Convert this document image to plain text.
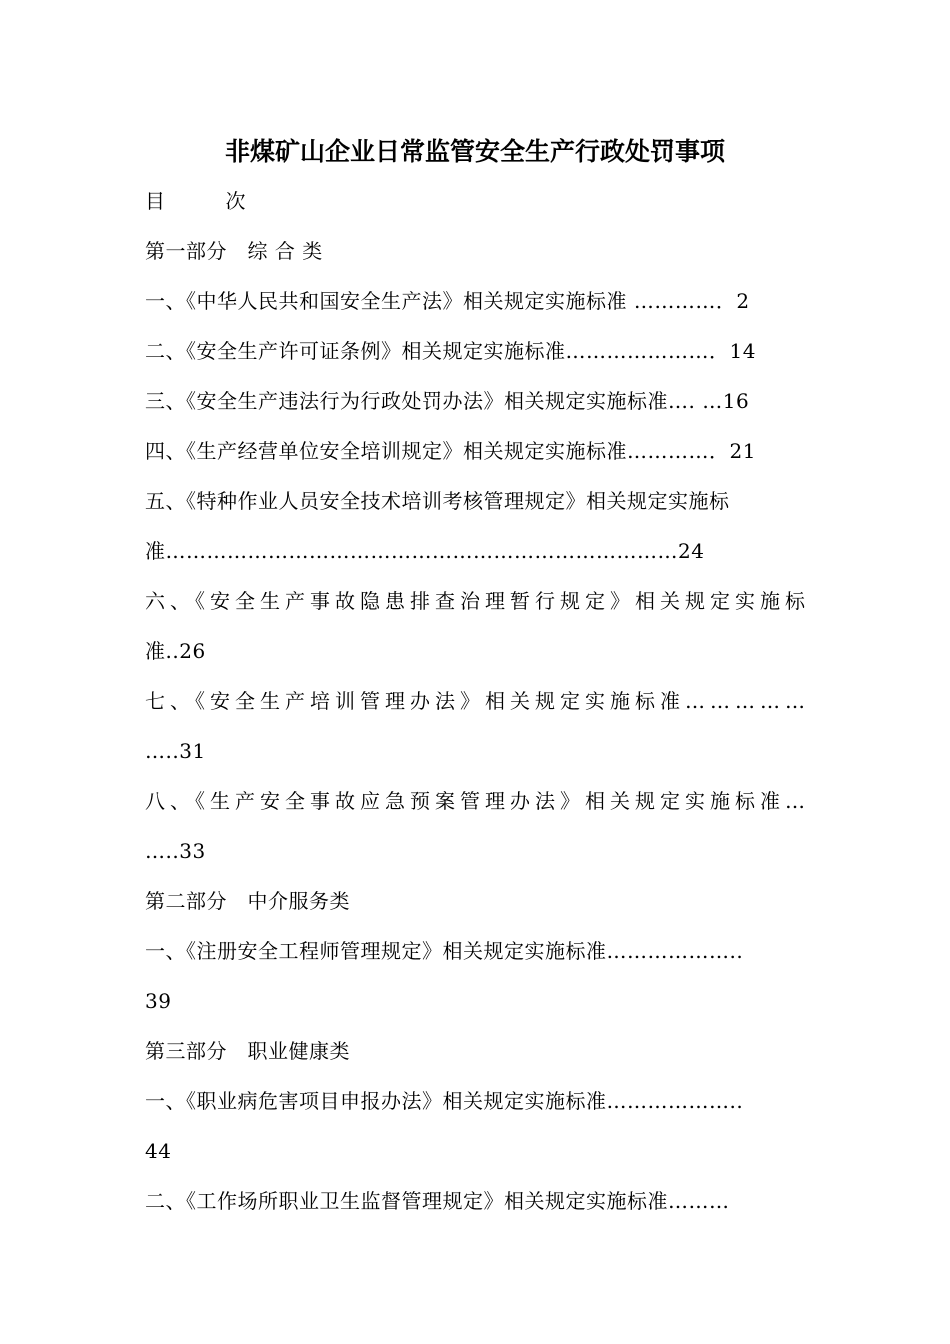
非煤矿山企业日常监管安全生产行政处罚事项
目	次
第一部分　综 合 类
一、《中华人民共和国安全生产法》相关规定实施标准 …………．2
二、《安全生产许可证条例》相关规定实施标准…………………．14
三、《安全生产违法行为行政处罚办法》相关规定实施标准…. …16
四、《生产经营单位安全培训规定》相关规定实施标准…………．21
五、《特种作业人员安全技术培训考核管理规定》相关规定实施标
准…………………………………………………………………24
六、《安全生产事故隐患排查治理暂行规定》相关规定实施标
准..26
七、《安全生产培训管理办法》相关规定实施标准……………
…..31
八、《生产安全事故应急预案管理办法》相关规定实施标准…
…..33
第二部分　中介服务类
一、《注册安全工程师管理规定》相关规定实施标准………………..
39
第三部分　职业健康类
一、《职业病危害项目申报办法》相关规定实施标准………………..
44
二、《工作场所职业卫生监督管理规定》相关规定实施标准………
